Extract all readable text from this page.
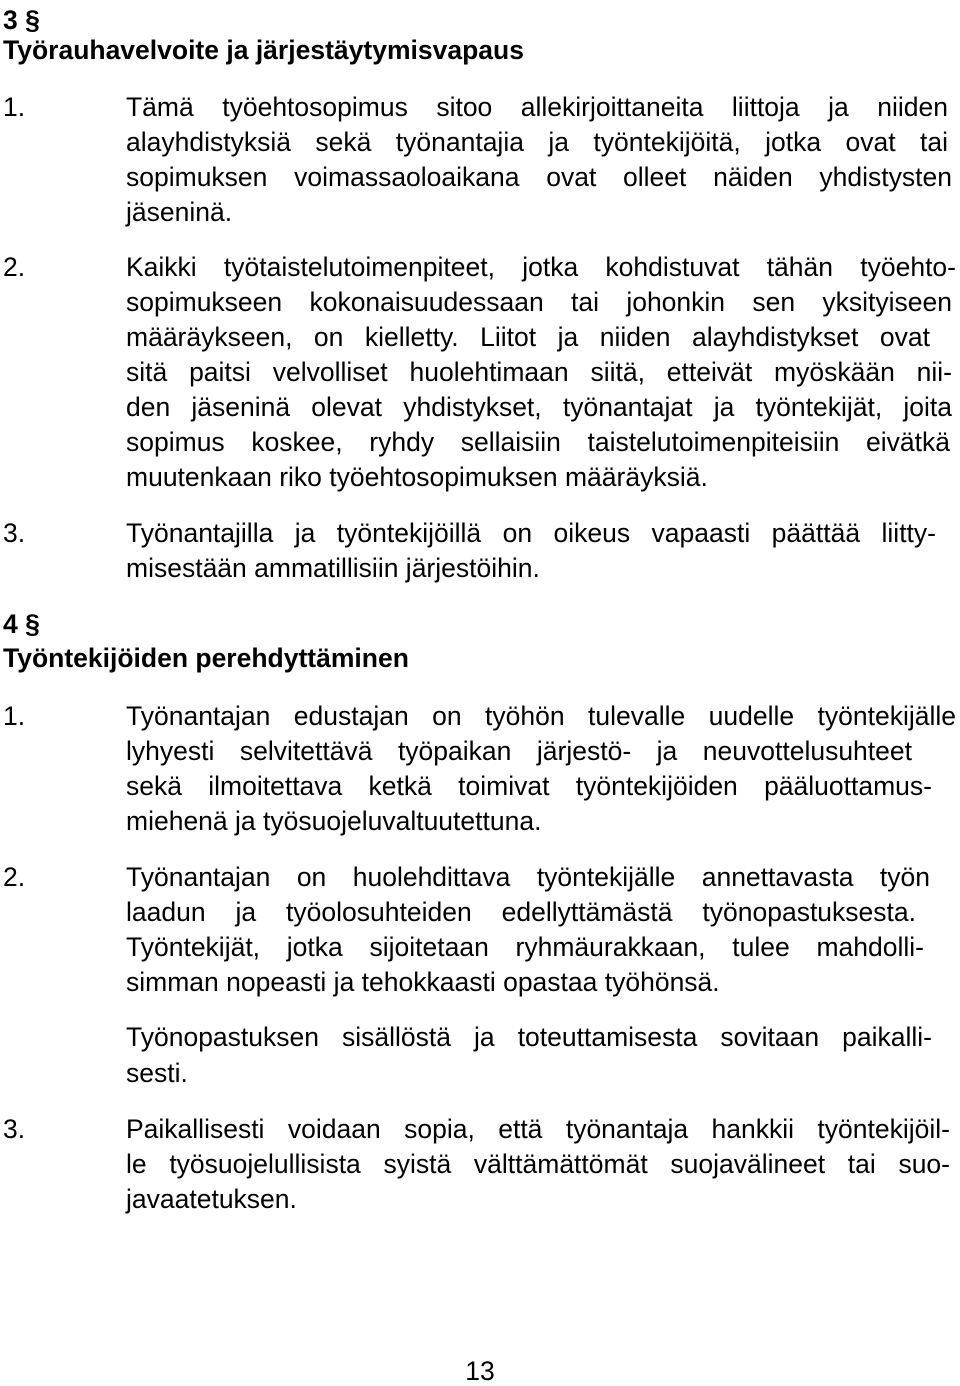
3 §
Työrauhavelvoite ja järjestäytymisvapaus
1.	Tämä työehtosopimus sitoo allekirjoittaneita liittoja ja niiden
alayhdistyksiä sekä työnantajia ja työntekijöitä, jotka ovat tai
sopimuksen voimassaoloaikana ovat olleet näiden yhdistysten
jäseninä.
2.	Kaikki työtaistelutoimenpiteet, jotka kohdistuvat tähän työehto-
sopimukseen kokonaisuudessaan tai johonkin sen yksityiseen
määräykseen, on kielletty. Liitot ja niiden alayhdistykset ovat
sitä paitsi velvolliset huolehtimaan siitä, etteivät myöskään nii-
den jäseninä olevat yhdistykset, työnantajat ja työntekijät, joita
sopimus koskee, ryhdy sellaisiin taistelutoimenpiteisiin eivätkä
muutenkaan riko työehtosopimuksen määräyksiä.
3.	Työnantajilla ja työntekijöillä on oikeus vapaasti päättää liitty-
misestään ammatillisiin järjestöihin.
4 §
Työntekijöiden perehdyttäminen
1.	Työnantajan edustajan on työhön tulevalle uudelle työntekijälle
lyhyesti selvitettävä työpaikan järjestö- ja neuvottelusuhteet
sekä ilmoitettava ketkä toimivat työntekijöiden pääluottamus-
miehenä ja työsuojeluvaltuutettuna.
2.	Työnantajan on huolehdittava työntekijälle annettavasta työn
laadun ja työolosuhteiden edellyttämästä työnopastuksesta.
Työntekijät, jotka sijoitetaan ryhmäurakkaan, tulee mahdolli-
simman nopeasti ja tehokkaasti opastaa työhönsä.
Työnopastuksen sisällöstä ja toteuttamisesta sovitaan paikalli-
sesti.
3.	Paikallisesti voidaan sopia, että työnantaja hankkii työntekijöil-
le työsuojelullisista syistä välttämättömät suojavälineet tai suo-
javaatetuksen.
13
